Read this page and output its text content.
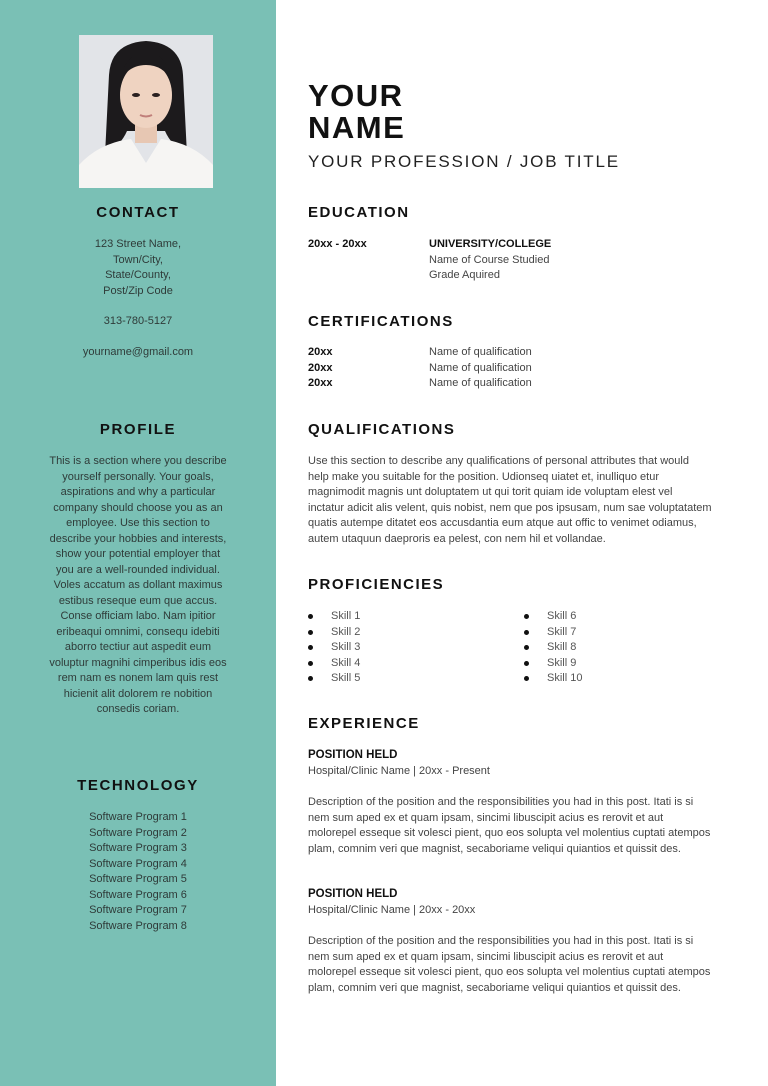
CONTACT
123 Street Name,
Town/City,
State/County,
Post/Zip Code
313-780-5127
yourname@gmail.com
PROFILE
This is a section where you describe
yourself personally. Your goals,
aspirations and why a particular
company should choose you as an
employee. Use this section to
describe your hobbies and interests,
show your potential employer that
you are a well-rounded individual.
Voles accatum as dollant maximus
estibus reseque eum que accus.
Conse officiam labo. Nam ipitior
eribeaqui omnimi, consequ idebiti
aborro tectiur aut aspedit eum
voluptur magnihi cimperibus idis eos
rem nam es nonem lam quis rest
hicienit alit dolorem re nobition
consedis coriam.
TECHNOLOGY
Software Program 1
Software Program 2
Software Program 3
Software Program 4
Software Program 5
Software Program 6
Software Program 7
Software Program 8
YOUR
NAME
YOUR PROFESSION / JOB TITLE
EDUCATION
20xx - 20xx	UNIVERSITY/COLLEGE
Name of Course Studied
Grade Aquired
CERTIFICATIONS
20xx	Name of qualification
20xx	Name of qualification
20xx	Name of qualification
QUALIFICATIONS
Use this section to describe any qualifications of personal attributes that would
help make you suitable for the position. Udionseq uiatet et, inulliquo etur
magnimodit magnis unt doluptatem ut qui torit quiam ide voluptam elest vel
inctatur adicit alis velent, quis nobist, nem que pos ipsusam, num sae voluptatatem
quatis autempe ditatet eos accusdantia eum atque aut offic to venimet odiamus,
autem utaquun daeproris ea pelest, con nem hil et vollandae.
PROFICIENCIES
Skill 1
Skill 2
Skill 3
Skill 4
Skill 5
Skill 6
Skill 7
Skill 8
Skill 9
Skill 10
EXPERIENCE
POSITION HELD
Hospital/Clinic Name | 20xx - Present
Description of the position and the responsibilities you had in this post. Itati is si
nem sum aped ex et quam ipsam, sincimi libuscipit acius es rerovit et aut
molorepel esseque sit volesci pient, quo eos solupta vel molentius cuptati atempos
plam, comnim veri que magnist, secaboriame veliqui quiantios et quissit des.
POSITION HELD
Hospital/Clinic Name | 20xx - 20xx
Description of the position and the responsibilities you had in this post. Itati is si
nem sum aped ex et quam ipsam, sincimi libuscipit acius es rerovit et aut
molorepel esseque sit volesci pient, quo eos solupta vel molentius cuptati atempos
plam, comnim veri que magnist, secaboriame veliqui quiantios et quissit des.
